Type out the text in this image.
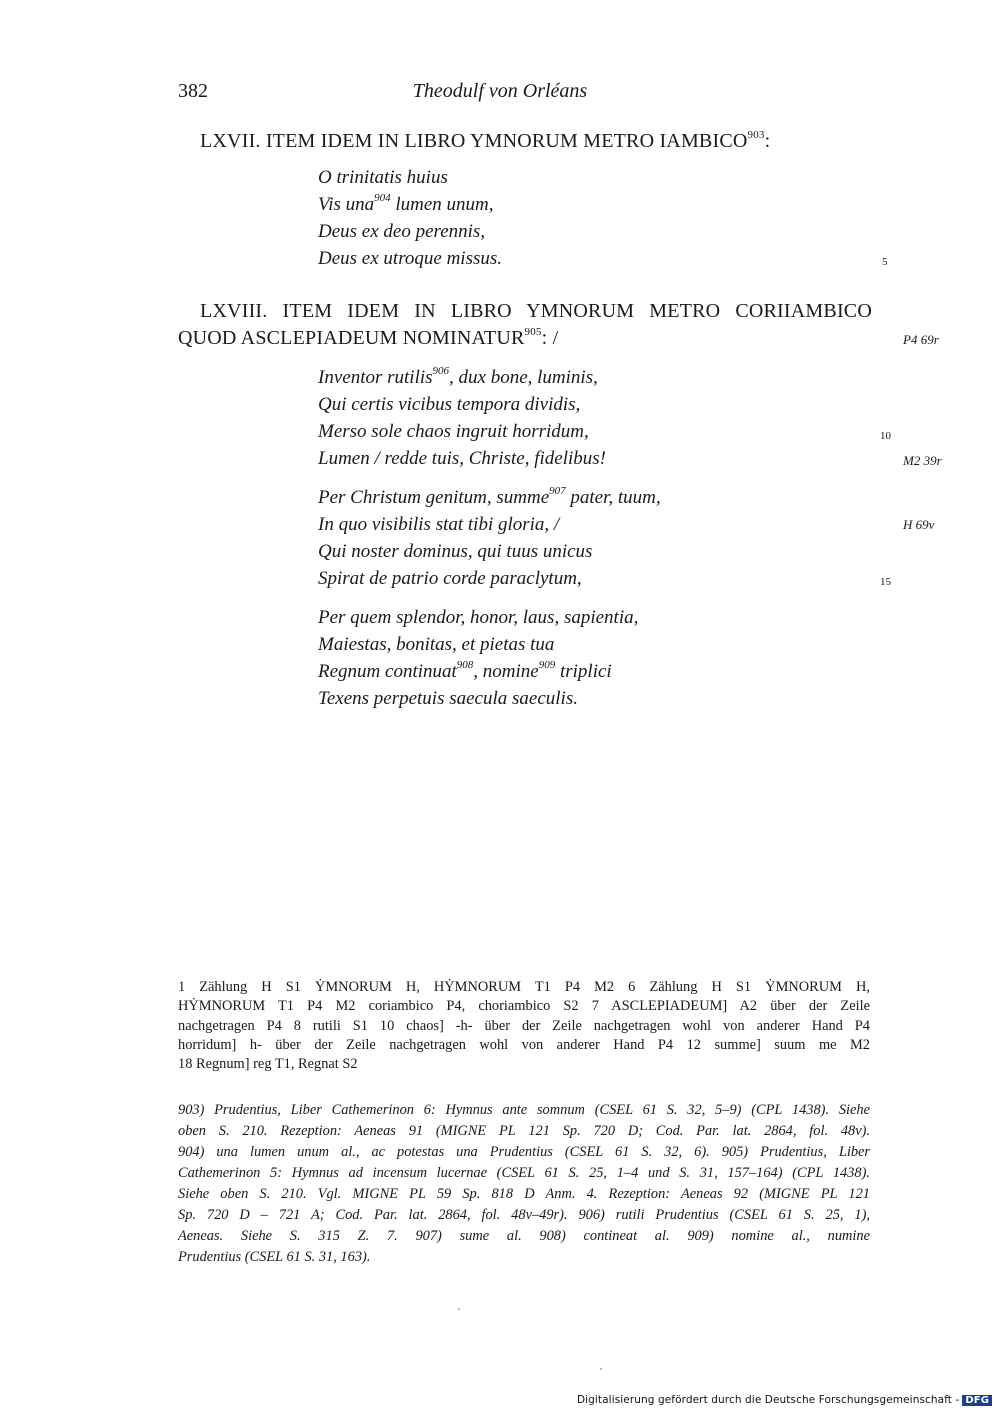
382	Theodulf von Orléans
LXVII. ITEM IDEM IN LIBRO YMNORUM METRO IAMBICO$^{903}$:
O trinitatis huius
Vis una$^{904}$ lumen unum,
Deus ex deo perennis,
Deus ex utroque missus.	5
LXVIII. ITEM IDEM IN LIBRO YMNORUM METRO CORIIAMBICO
QUOD ASCLEPIADEUM NOMINATUR$^{905}$: /	P4 69r
Inventor rutilis$^{906}$, dux bone, luminis,
Qui certis vicibus tempora dividis,
Merso sole chaos ingruit horridum,
Lumen / redde tuis, Christe, fidelibus!
10
M2 39r
Per Christum genitum, summe$^{907}$ pater, tuum,
In quo visibilis stat tibi gloria, /
Qui noster dominus, qui tuus unicus
Spirat de patrio corde paraclytum,
H 69v
15
Per quem splendor, honor, laus, sapientia,
Maiestas, bonitas, et pietas tua
Regnum continuat$^{908}$, nomine$^{909}$ triplici
Texens perpetuis saecula saeculis.
1 Zählung H S1 ẎMNORUM H, HẎMNORUM T1 P4 M2 6 Zählung H S1 ẎMNORUM H,
HẎMNORUM T1 P4 M2 coriambico P4, choriambico S2 7 ASCLEPIADEUM] A2 über der Zeile
nachgetragen P4 8 rutili S1 10 chaos] -h- über der Zeile nachgetragen wohl von anderer Hand P4
horridum] h- über der Zeile nachgetragen wohl von anderer Hand P4 12 summe] suum me M2
18 Regnum] reg T1, Regnat S2
903) Prudentius, Liber Cathemerinon 6: Hymnus ante somnum (CSEL 61 S. 32, 5–9) (CPL 1438). Siehe
oben S. 210. Rezeption: Aeneas 91 (MIGNE PL 121 Sp. 720 D; Cod. Par. lat. 2864, fol. 48v).
904) una lumen unum al., ac potestas una Prudentius (CSEL 61 S. 32, 6). 905) Prudentius, Liber
Cathemerinon 5: Hymnus ad incensum lucernae (CSEL 61 S. 25, 1–4 und S. 31, 157–164) (CPL 1438).
Siehe oben S. 210. Vgl. MIGNE PL 59 Sp. 818 D Anm. 4. Rezeption: Aeneas 92 (MIGNE PL 121
Sp. 720 D – 721 A; Cod. Par. lat. 2864, fol. 48v–49r). 906) rutili Prudentius (CSEL 61 S. 25, 1),
Aeneas. Siehe S. 315 Z. 7. 907) sume al. 908) contineat al. 909) nomine al., numine
Prudentius (CSEL 61 S. 31, 163).
Digitalisierung gefördert durch die Deutsche Forschungsgemeinschaft - DFG
